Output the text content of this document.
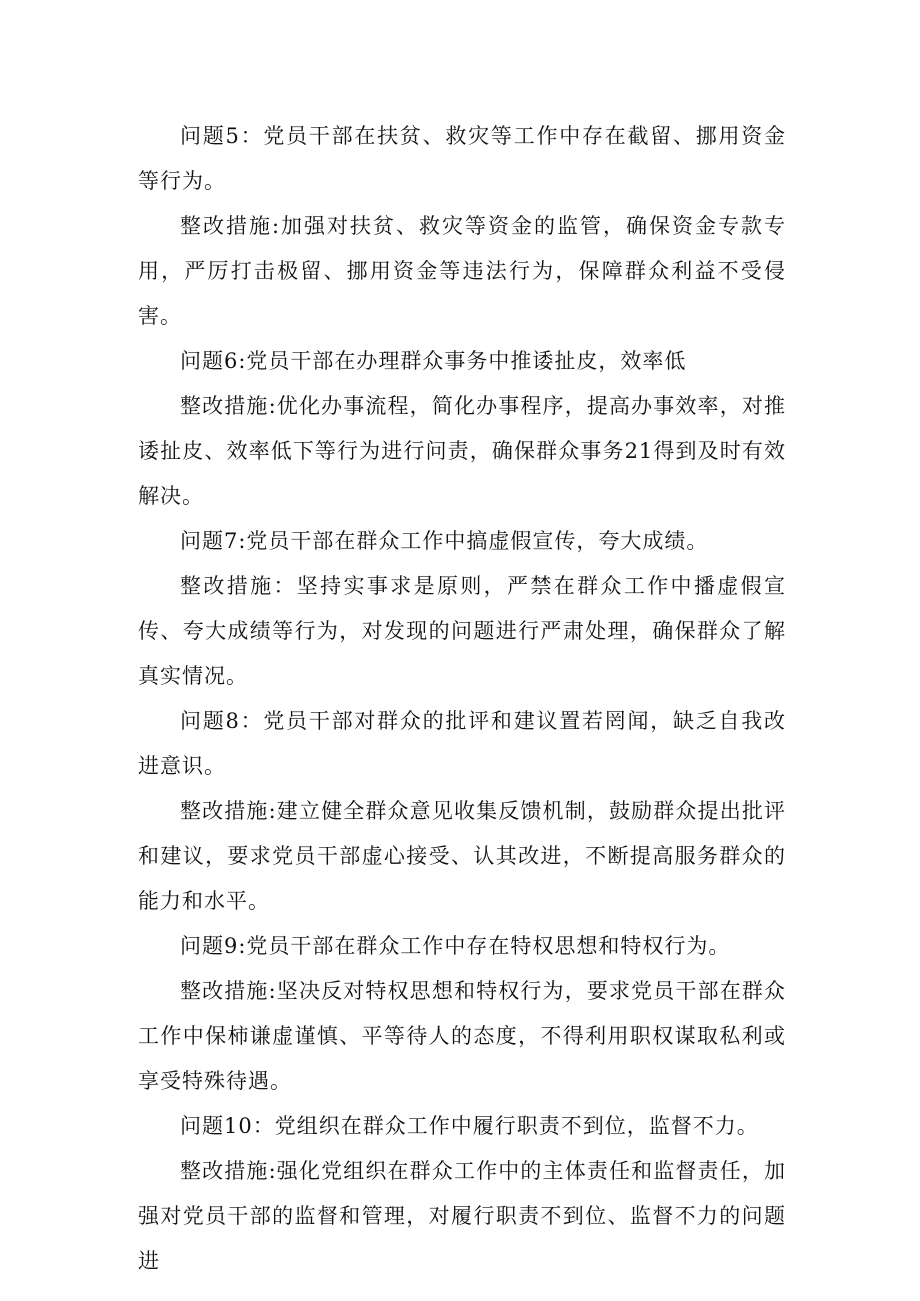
问题5：党员干部在扶贫、救灾等工作中存在截留、挪用资金等行为。

整改措施:加强对扶贫、救灾等资金的监管，确保资金专款专用，严厉打击极留、挪用资金等违法行为，保障群众利益不受侵害。

问题6:党员干部在办理群众事务中推诿扯皮，效率低

整改措施:优化办事流程，简化办事程序，提高办事效率，对推诿扯皮、效率低下等行为进行问责，确保群众事务21得到及时有效解决。

问题7:党员干部在群众工作中搞虚假宣传，夸大成绩。

整改措施：坚持实事求是原则，严禁在群众工作中播虚假宣传、夸大成绩等行为，对发现的问题进行严肃处理，确保群众了解真实情况。

问题8：党员干部对群众的批评和建议置若罔闻，缺乏自我改进意识。

整改措施:建立健全群众意见收集反馈机制，鼓励群众提出批评和建议，要求党员干部虚心接受、认其改进，不断提高服务群众的能力和水平。

问题9:党员干部在群众工作中存在特权思想和特权行为。

整改措施:坚决反对特权思想和特权行为，要求党员干部在群众工作中保柿谦虚谨慎、平等待人的态度，不得利用职权谋取私利或享受特殊待遇。

问题10：党组织在群众工作中履行职责不到位，监督不力。

整改措施:强化党组织在群众工作中的主体责任和监督责任，加强对党员干部的监督和管理，对履行职责不到位、监督不力的问题进
